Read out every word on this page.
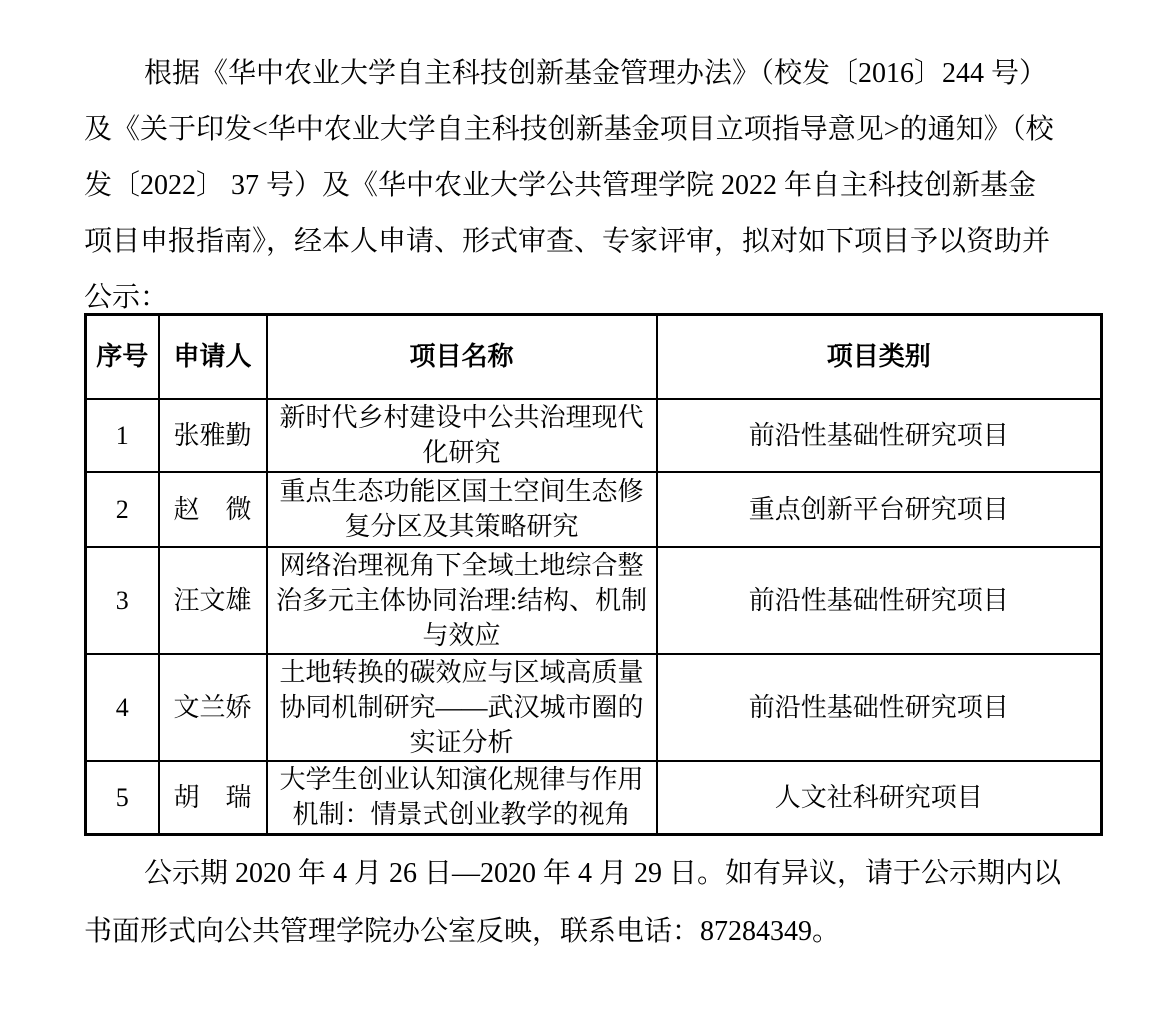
根据《华中农业大学自主科技创新基金管理办法》（校发〔2016〕244 号）
及《关于印发<华中农业大学自主科技创新基金项目立项指导意见>的通知》（校
发〔2022〕 37 号）及《华中农业大学公共管理学院 2022 年自主科技创新基金
项目申报指南》，经本人申请、形式审查、专家评审，拟对如下项目予以资助并
公示：
序号	申请人	项目名称	项目类别
1	张雅勤	新时代乡村建设中公共治理现代化研究	前沿性基础性研究项目
2	赵　微	重点生态功能区国土空间生态修复分区及其策略研究	重点创新平台研究项目
3	汪文雄	网络治理视角下全域土地综合整治多元主体协同治理:结构、机制与效应	前沿性基础性研究项目
4	文兰娇	土地转换的碳效应与区域高质量协同机制研究——武汉城市圈的实证分析	前沿性基础性研究项目
5	胡　瑞	大学生创业认知演化规律与作用机制：情景式创业教学的视角	人文社科研究项目
公示期 2020 年 4 月 26 日—2020 年 4 月 29 日。如有异议，请于公示期内以
书面形式向公共管理学院办公室反映，联系电话：87284349。
